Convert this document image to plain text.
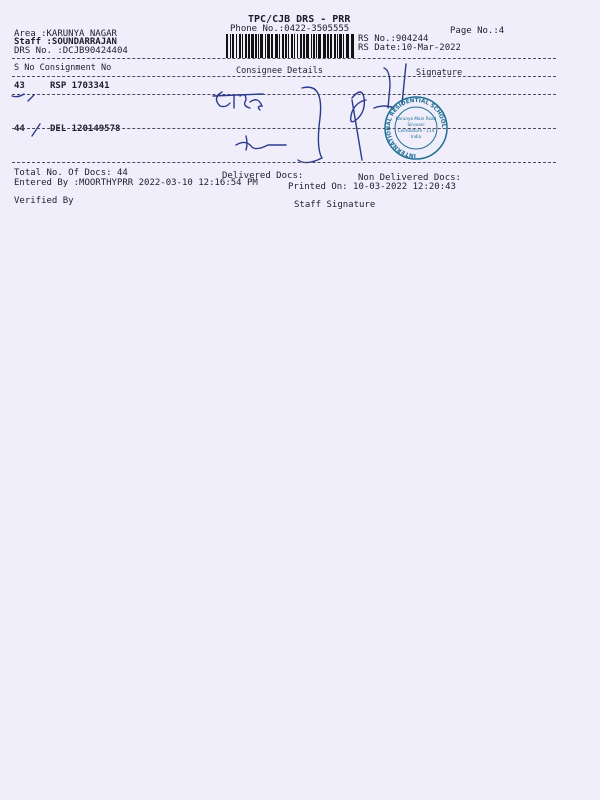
TPC/CJB DRS - PRR
Phone No.:0422-3505555	Page No.:4
Area :KARUNYA NAGAR
Staff :SOUNDARRAJAN
DRS No. :DCJB90424404
RS No.:904244
RS Date:10-Mar-2022
S No Consignment No	Consignee Details	Signature
43	RSP 1703341
44	DEL 120149578
INTERNATIONAL RESIDENTIAL SCHOOL
Karunya Main Road
Siruvani
Coimbatore - 114
India
Total No. Of Docs: 44	Delivered Docs:	Non Delivered Docs:
Entered By :MOORTHYPRR 2022-03-10 12:16:54 PM	Printed On: 10-03-2022 12:20:43
Verified By	Staff Signature
